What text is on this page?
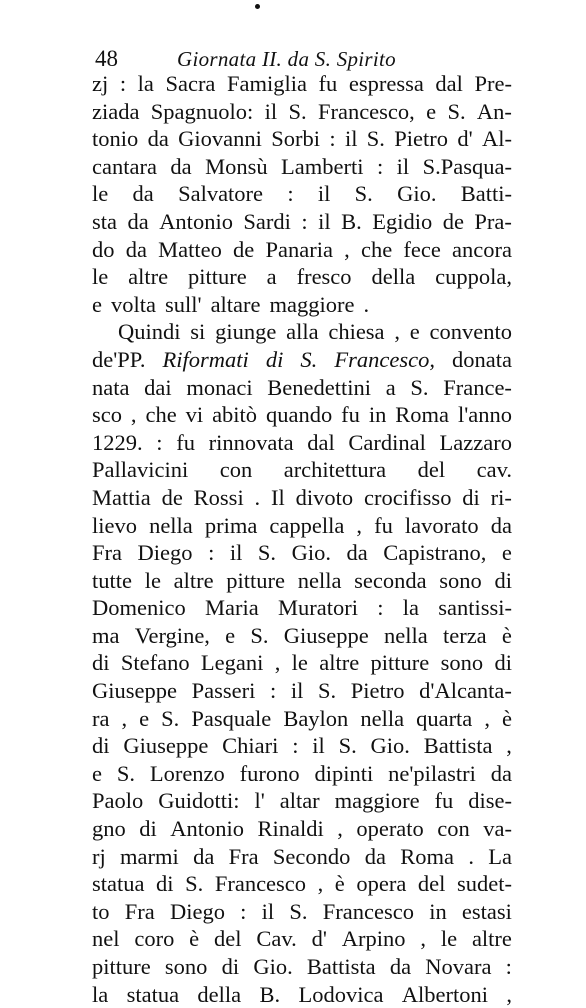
48	Giornata II. da S. Spirito
zj : la Sacra Famiglia fu espressa dal Pre-
ziada Spagnuolo: il S. Francesco, e S. An-
tonio da Giovanni Sorbi : il S. Pietro d' Al-
cantara da Monsù Lamberti : il S.Pasqua-
le da Salvatore : il S. Gio. Batti-
sta da Antonio Sardi : il B. Egidio de Pra-
do da Matteo de Panaria , che fece ancora
le altre pitture a fresco della cuppola,
e volta sull' altare maggiore .
Quindi si giunge alla chiesa , e convento
de'PP. Riformati di S. Francesco, donata
nata dai monaci Benedettini a S. France-
sco , che vi abitò quando fu in Roma l'anno
1229. : fu rinnovata dal Cardinal Lazzaro
Pallavicini con architettura del cav.
Mattia de Rossi . Il divoto crocifisso di ri-
lievo nella prima cappella , fu lavorato da
Fra Diego : il S. Gio. da Capistrano, e
tutte le altre pitture nella seconda sono di
Domenico Maria Muratori : la santissi-
ma Vergine, e S. Giuseppe nella terza è
di Stefano Legani , le altre pitture sono di
Giuseppe Passeri : il S. Pietro d'Alcanta-
ra , e S. Pasquale Baylon nella quarta , è
di Giuseppe Chiari : il S. Gio. Battista ,
e S. Lorenzo furono dipinti ne'pilastri da
Paolo Guidotti: l' altar maggiore fu dise-
gno di Antonio Rinaldi , operato con va-
rj marmi da Fra Secondo da Roma . La
statua di S. Francesco , è opera del sudet-
to Fra Diego : il S. Francesco in estasi
nel coro è del Cav. d' Arpino , le altre
pitture sono di Gio. Battista da Novara :
la statua della B. Lodovica Albertoni ,
